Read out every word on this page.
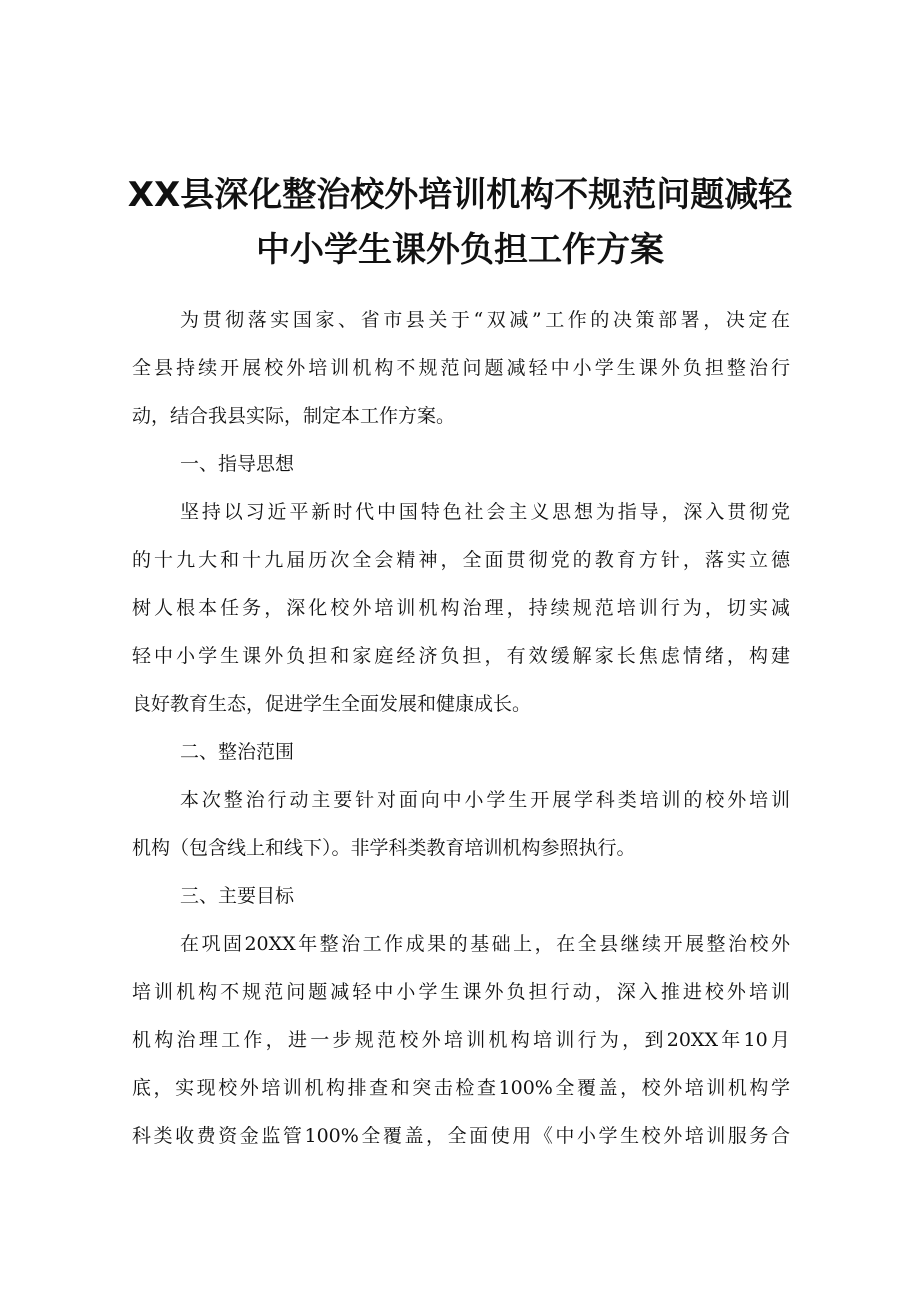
XX县深化整治校外培训机构不规范问题减轻
中小学生课外负担工作方案
为贯彻落实国家、省市县关于“双减”工作的决策部署，决定在
全县持续开展校外培训机构不规范问题减轻中小学生课外负担整治行
动，结合我县实际，制定本工作方案。
一、指导思想
坚持以习近平新时代中国特色社会主义思想为指导，深入贯彻党
的十九大和十九届历次全会精神，全面贯彻党的教育方针，落实立德
树人根本任务，深化校外培训机构治理，持续规范培训行为，切实减
轻中小学生课外负担和家庭经济负担，有效缓解家长焦虑情绪，构建
良好教育生态，促进学生全面发展和健康成长。
二、整治范围
本次整治行动主要针对面向中小学生开展学科类培训的校外培训
机构（包含线上和线下）。非学科类教育培训机构参照执行。
三、主要目标
在巩固20XX年整治工作成果的基础上，在全县继续开展整治校外
培训机构不规范问题减轻中小学生课外负担行动，深入推进校外培训
机构治理工作，进一步规范校外培训机构培训行为，到20XX年10月
底，实现校外培训机构排查和突击检查100%全覆盖，校外培训机构学
科类收费资金监管100%全覆盖，全面使用《中小学生校外培训服务合
